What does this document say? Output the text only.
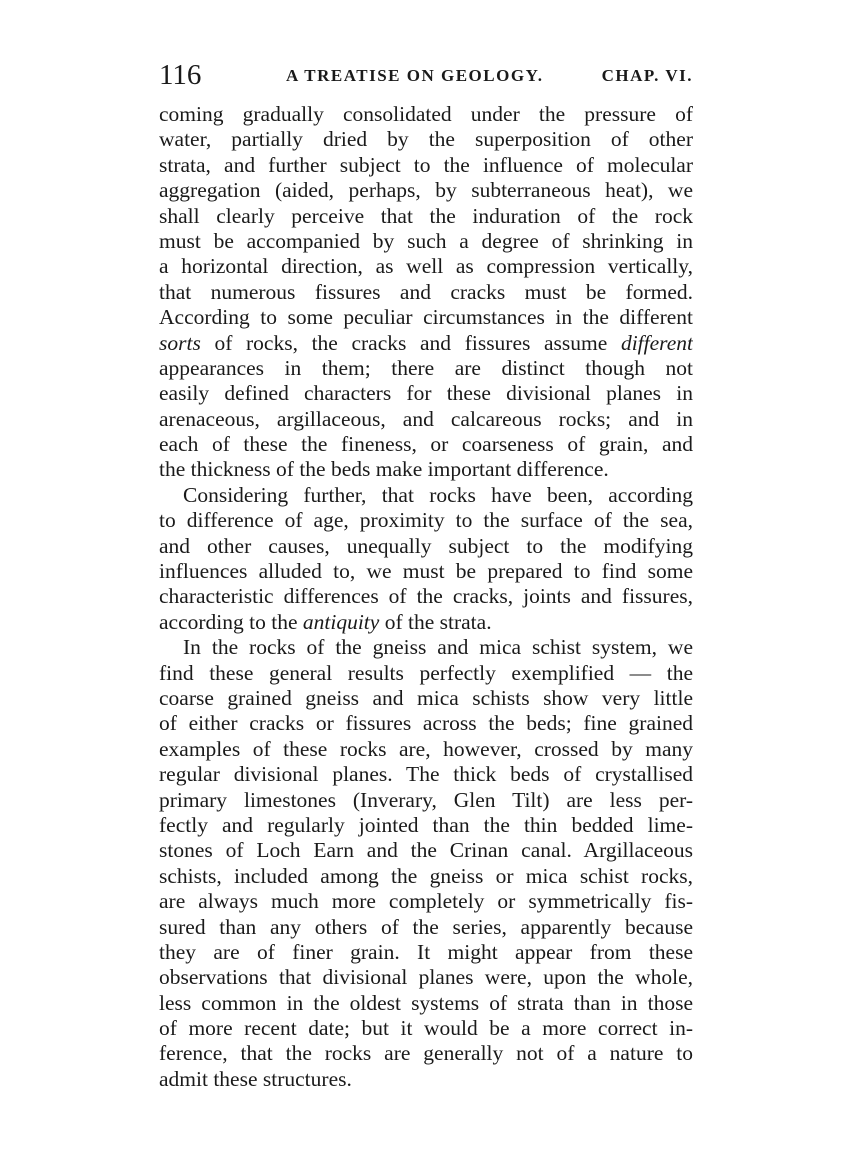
116	A TREATISE ON GEOLOGY.	CHAP. VI.
coming gradually consolidated under the pressure of
water, partially dried by the superposition of other
strata, and further subject to the influence of molecular
aggregation (aided, perhaps, by subterraneous heat), we
shall clearly perceive that the induration of the rock
must be accompanied by such a degree of shrinking in
a horizontal direction, as well as compression vertically,
that numerous fissures and cracks must be formed.
According to some peculiar circumstances in the different
sorts of rocks, the cracks and fissures assume different
appearances in them; there are distinct though not
easily defined characters for these divisional planes in
arenaceous, argillaceous, and calcareous rocks; and in
each of these the fineness, or coarseness of grain, and
the thickness of the beds make important difference.
Considering further, that rocks have been, according
to difference of age, proximity to the surface of the sea,
and other causes, unequally subject to the modifying
influences alluded to, we must be prepared to find some
characteristic differences of the cracks, joints and fissures,
according to the antiquity of the strata.
In the rocks of the gneiss and mica schist system, we
find these general results perfectly exemplified — the
coarse grained gneiss and mica schists show very little
of either cracks or fissures across the beds; fine grained
examples of these rocks are, however, crossed by many
regular divisional planes. The thick beds of crystallised
primary limestones (Inverary, Glen Tilt) are less per-
fectly and regularly jointed than the thin bedded lime-
stones of Loch Earn and the Crinan canal. Argillaceous
schists, included among the gneiss or mica schist rocks,
are always much more completely or symmetrically fis-
sured than any others of the series, apparently because
they are of finer grain. It might appear from these
observations that divisional planes were, upon the whole,
less common in the oldest systems of strata than in those
of more recent date; but it would be a more correct in-
ference, that the rocks are generally not of a nature to
admit these structures.
